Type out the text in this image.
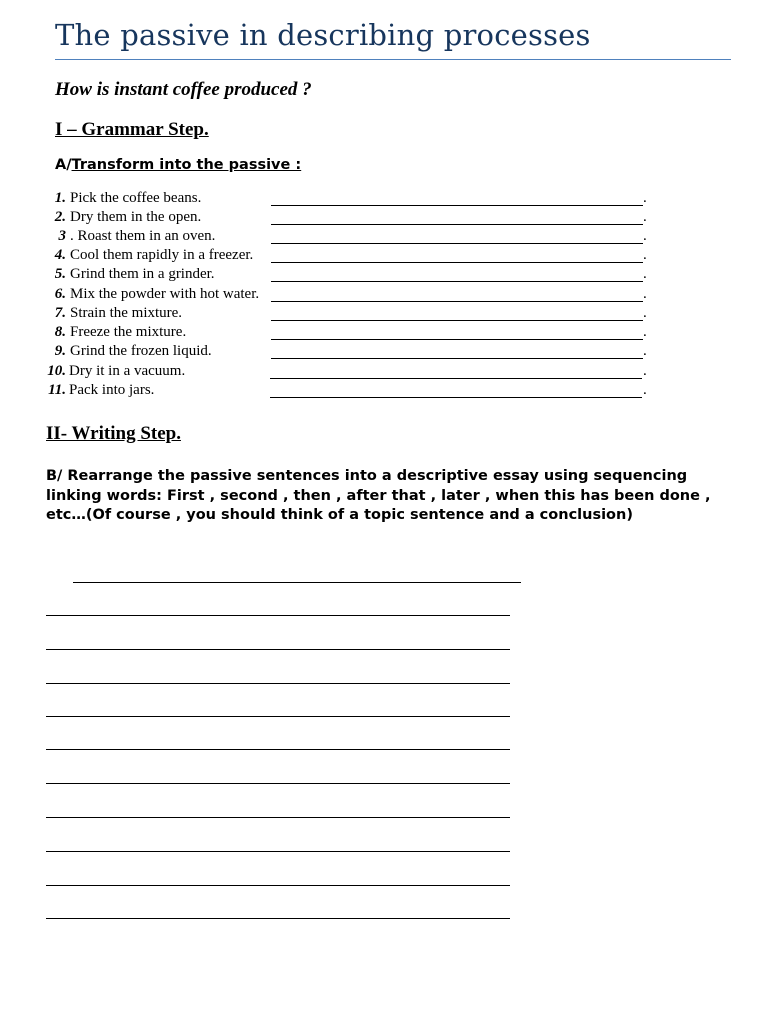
The passive in describing processes
How is instant coffee produced ?
I – Grammar Step.
A/Transform into the passive :
1. Pick the coffee beans.	.
2. Dry them in the open.	.
3 . Roast them in an oven.	.
4. Cool them rapidly in a freezer.	.
5. Grind them in a grinder.	.
6. Mix the powder with hot water.	.
7. Strain the mixture.	.
8. Freeze the mixture.	.
9. Grind the frozen liquid.	.
10. Dry it in a vacuum.	.
11. Pack into jars.	.
II- Writing Step.
B/ Rearrange the passive sentences into a descriptive essay using sequencing linking words: First , second , then , after that , later , when this has been done , etc…(Of course , you should think of a topic sentence and a conclusion)
